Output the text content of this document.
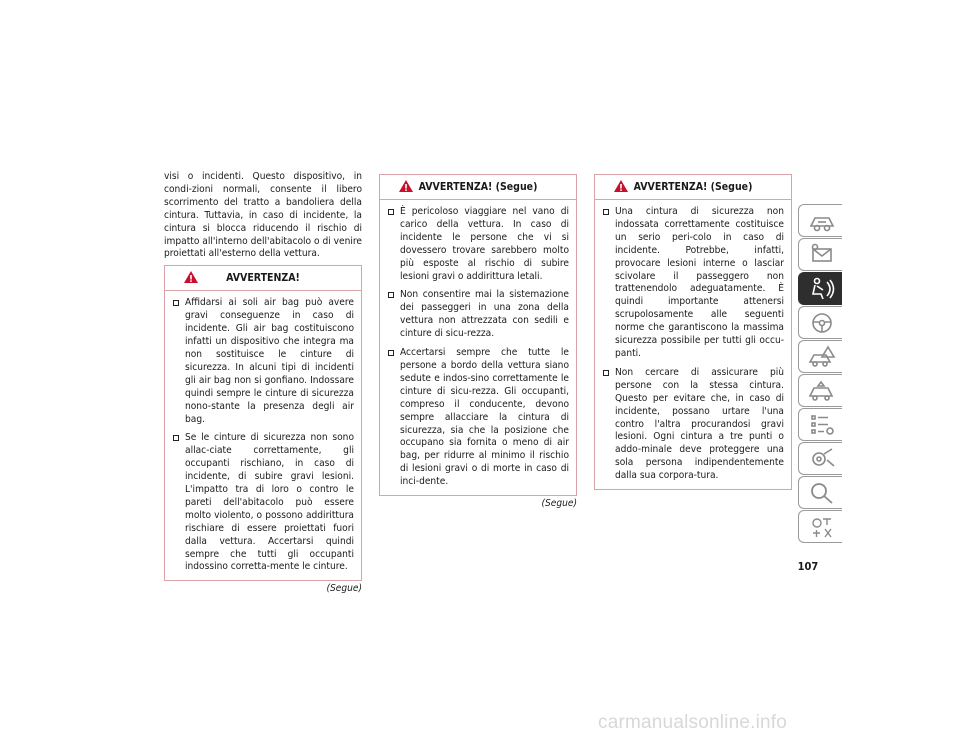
visi o incidenti. Questo dispositivo, in condi-zioni normali, consente il libero scorrimento del tratto a bandoliera della cintura. Tuttavia, in caso di incidente, la cintura si blocca riducendo il rischio di impatto all'interno dell'abitacolo o di venire proiettati all'esterno della vettura.

AVVERTENZA!
Affidarsi ai soli air bag può avere gravi conseguenze in caso di incidente. Gli air bag costituiscono infatti un dispositivo che integra ma non sostituisce le cinture di sicurezza. In alcuni tipi di incidenti gli air bag non si gonfiano. Indossare quindi sempre le cinture di sicurezza nono-stante la presenza degli air bag.
Se le cinture di sicurezza non sono allac-ciate correttamente, gli occupanti rischiano, in caso di incidente, di subire gravi lesioni. L'impatto tra di loro o contro le pareti dell'abitacolo può essere molto violento, o possono addirittura rischiare di essere proiettati fuori dalla vettura. Accertarsi quindi sempre che tutti gli occupanti indossino corretta-mente le cinture.
(Segue)
AVVERTENZA! (Segue)
È pericoloso viaggiare nel vano di carico della vettura. In caso di incidente le persone che vi si dovessero trovare sarebbero molto più esposte al rischio di subire lesioni gravi o addirittura letali.
Non consentire mai la sistemazione dei passeggeri in una zona della vettura non attrezzata con sedili e cinture di sicu-rezza.
Accertarsi sempre che tutte le persone a bordo della vettura siano sedute e indos-sino correttamente le cinture di sicu-rezza. Gli occupanti, compreso il conducente, devono sempre allacciare la cintura di sicurezza, sia che la posizione che occupano sia fornita o meno di air bag, per ridurre al minimo il rischio di lesioni gravi o di morte in caso di inci-dente.
(Segue)
AVVERTENZA! (Segue)
Una cintura di sicurezza non indossata correttamente costituisce un serio peri-colo in caso di incidente. Potrebbe, infatti, provocare lesioni interne o lasciar scivolare il passeggero non trattenendolo adeguatamente. È quindi importante attenersi scrupolosamente alle seguenti norme che garantiscono la massima sicurezza possibile per tutti gli occu-panti.
Non cercare di assicurare più persone con la stessa cintura. Questo per evitare che, in caso di incidente, possano urtare l'una contro l'altra procurandosi gravi lesioni. Ogni cintura a tre punti o addo-minale deve proteggere una sola persona indipendentemente dalla sua corpora-tura.
107
carmanualsonline.info
